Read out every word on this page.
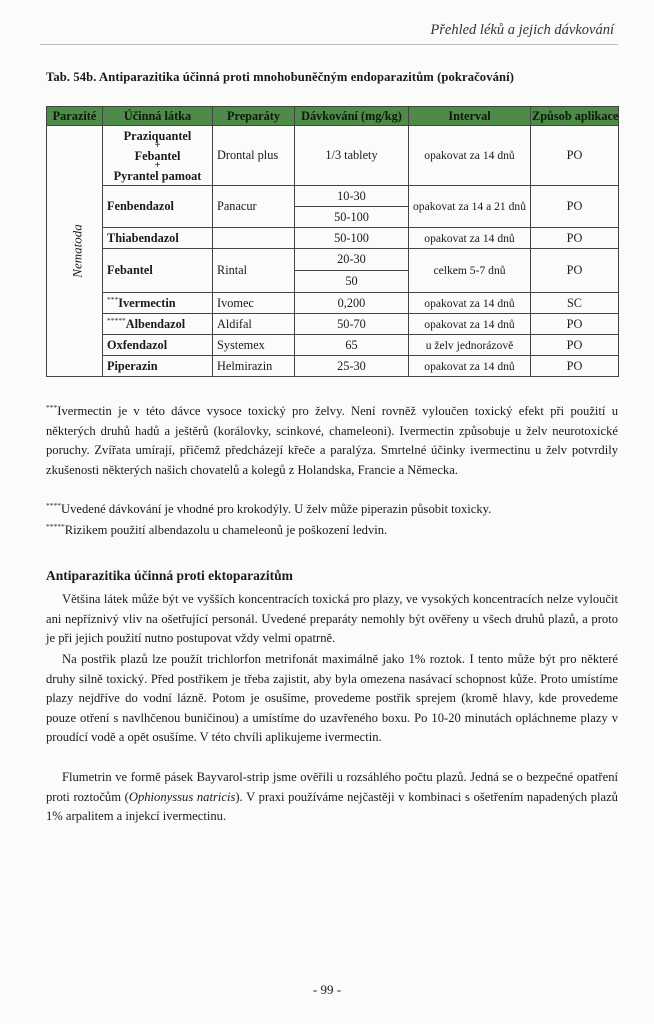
Přehled léků a jejich dávkování
Tab. 54b. Antiparazitika účinná proti mnohobuněčným endoparazitům (pokračování)
Parazité	Účinná látka	Preparáty	Dávkování (mg/kg)	Interval	Způsob aplikace
Nematoda	Praziquantel
+
Febantel
+
Pyrantel pamoat	Drontal plus	1/3 tablety	opakovat za 14 dnů	PO
	Fenbendazol	Panacur	10-30	opakovat za 14 a 21 dnů	PO
			50-100		
	Thiabendazol		50-100	opakovat za 14 dnů	PO
	Febantel	Rintal	20-30	celkem 5-7 dnů	PO
			50		
	***Ivermectin	Ivomec	0,200	opakovat za 14 dnů	SC
	*****Albendazol	Aldifal	50-70	opakovat za 14 dnů	PO
	Oxfendazol	Systemex	65	u želv jednorázově	PO
	Piperazin	Helmirazin	25-30	opakovat za 14 dnů	PO

***Ivermectin je v této dávce vysoce toxický pro želvy. Není rovněž vyloučen toxický efekt při použití u některých druhů hadů a ještěrů (korálovky, scinkové, chameleoni). Ivermectin způsobuje u želv neurotoxické poruchy. Zvířata umírají, přičemž předcházejí křeče a paralýza. Smrtelné účinky ivermectinu u želv potvrdily zkušenosti některých našich chovatelů a kolegů z Holandska, Francie a Německa.

****Uvedené dávkování je vhodné pro krokodýly. U želv může piperazin působit toxicky.

*****Rizikem použití albendazolu u chameleonů je poškození ledvin.

Antiparazitika účinná proti ektoparazitům

Většina látek může být ve vyšších koncentracích toxická pro plazy, ve vysokých koncentracích nelze vyloučit ani nepříznivý vliv na ošetřující personál. Uvedené preparáty nemohly být ověřeny u všech druhů plazů, a proto je při jejich použití nutno postupovat vždy velmi opatrně.

Na postřik plazů lze použít trichlorfon metrifonát maximálně jako 1% roztok. I tento může být pro některé druhy silně toxický. Před postřikem je třeba zajistit, aby byla omezena nasávací schopnost kůže. Proto umístíme plazy nejdříve do vodní lázně. Potom je osušíme, provedeme postřik sprejem (kromě hlavy, kde provedeme pouze otření s navlhčenou buničinou) a umístíme do uzavřeného boxu. Po 10-20 minutách opláchneme plazy v proudící vodě a opět osušíme. V této chvíli aplikujeme ivermectin.

Flumetrin ve formě pásek Bayvarol-strip jsme ověřili u rozsáhlého počtu plazů. Jedná se o bezpečné opatření proti roztočům (Ophionyssus natricis). V praxi používáme nejčastěji v kombinaci s ošetřením napadených plazů 1% arpalitem a injekcí ivermectinu.

- 99 -
